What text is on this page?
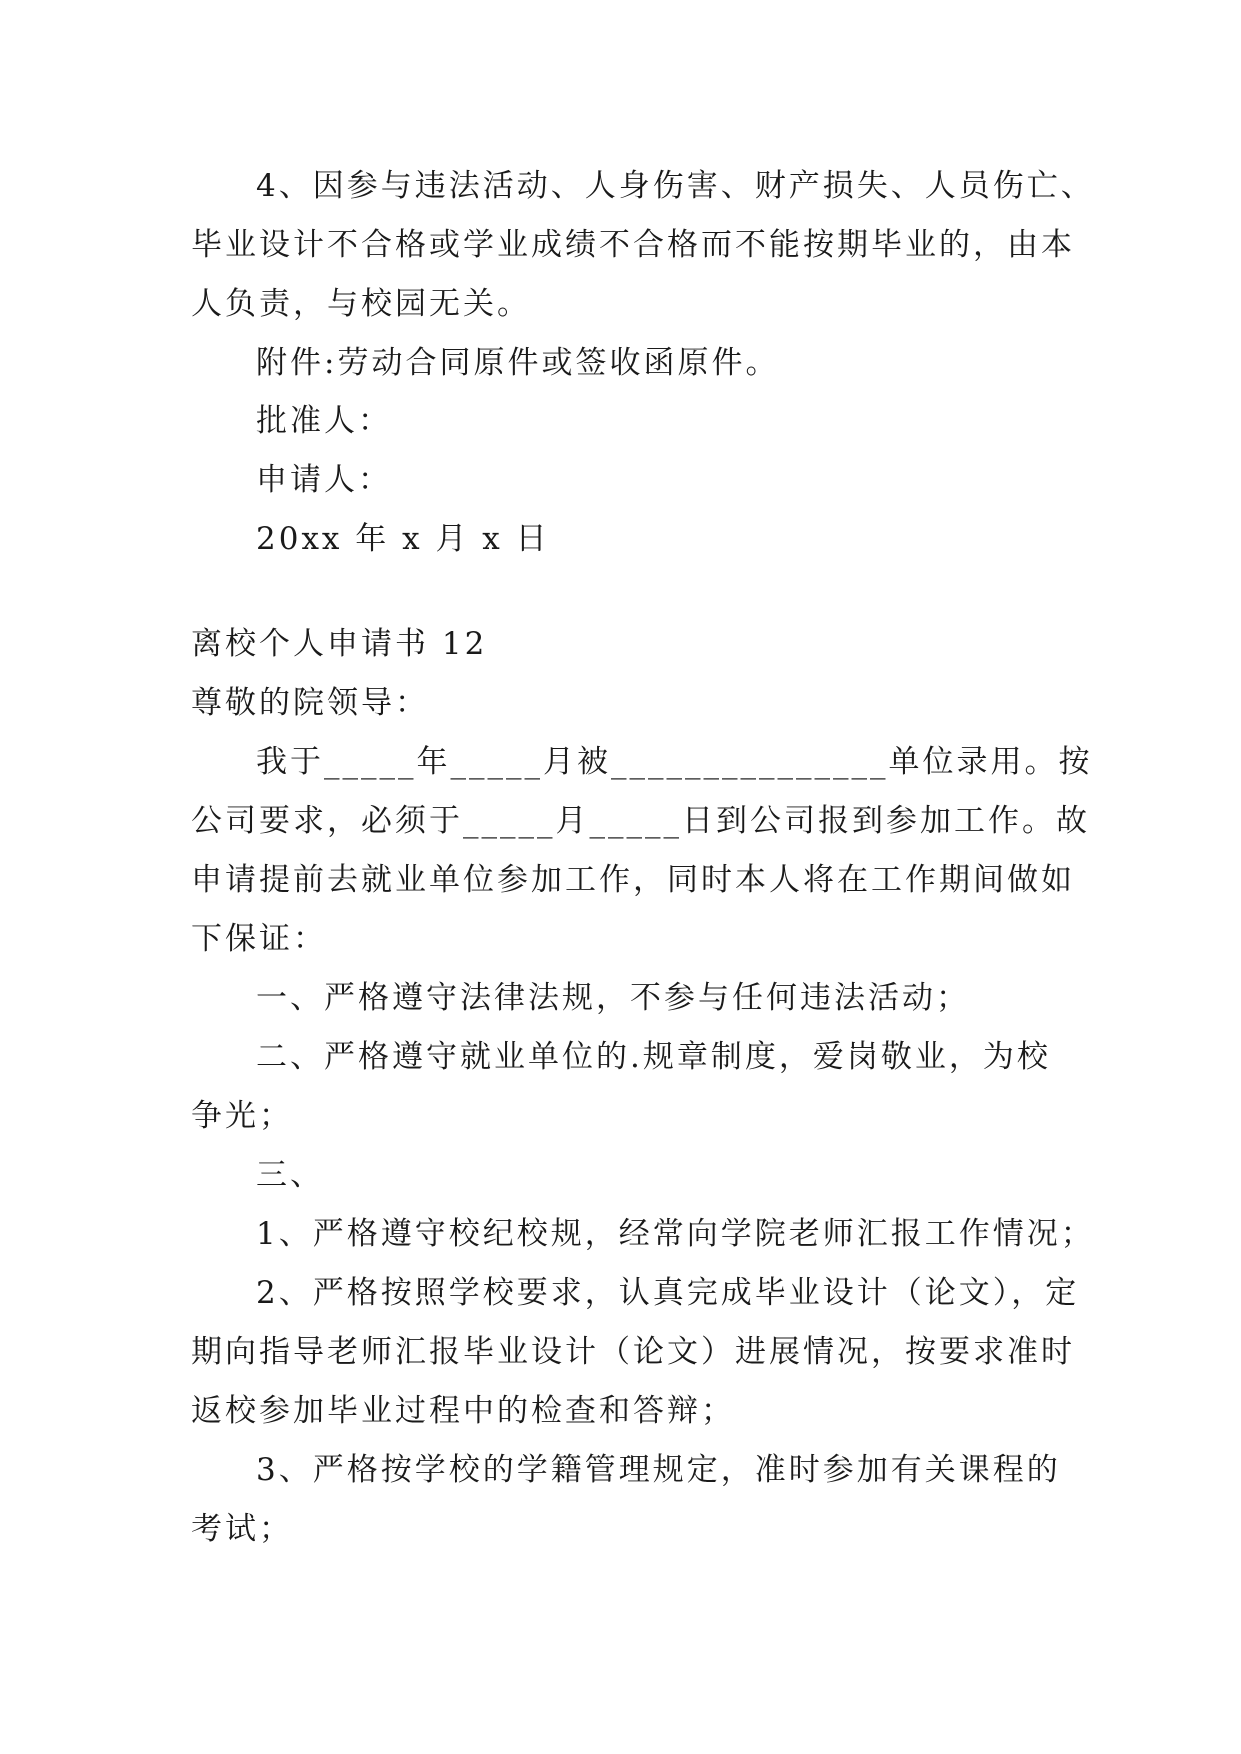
4、因参与违法活动、人身伤害、财产损失、人员伤亡、
毕业设计不合格或学业成绩不合格而不能按期毕业的，由本
人负责，与校园无关。
附件:劳动合同原件或签收函原件。
批准人：
申请人：
20xx 年 x 月 x 日
离校个人申请书 12
尊敬的院领导：
我于_____年_____月被_______________单位录用。按
公司要求，必须于_____月_____日到公司报到参加工作。故
申请提前去就业单位参加工作，同时本人将在工作期间做如
下保证：
一、严格遵守法律法规，不参与任何违法活动；
二、严格遵守就业单位的.规章制度，爱岗敬业，为校
争光；
三、
1、严格遵守校纪校规，经常向学院老师汇报工作情况；
2、严格按照学校要求，认真完成毕业设计（论文），定
期向指导老师汇报毕业设计（论文）进展情况，按要求准时
返校参加毕业过程中的检查和答辩；
3、严格按学校的学籍管理规定，准时参加有关课程的
考试；
